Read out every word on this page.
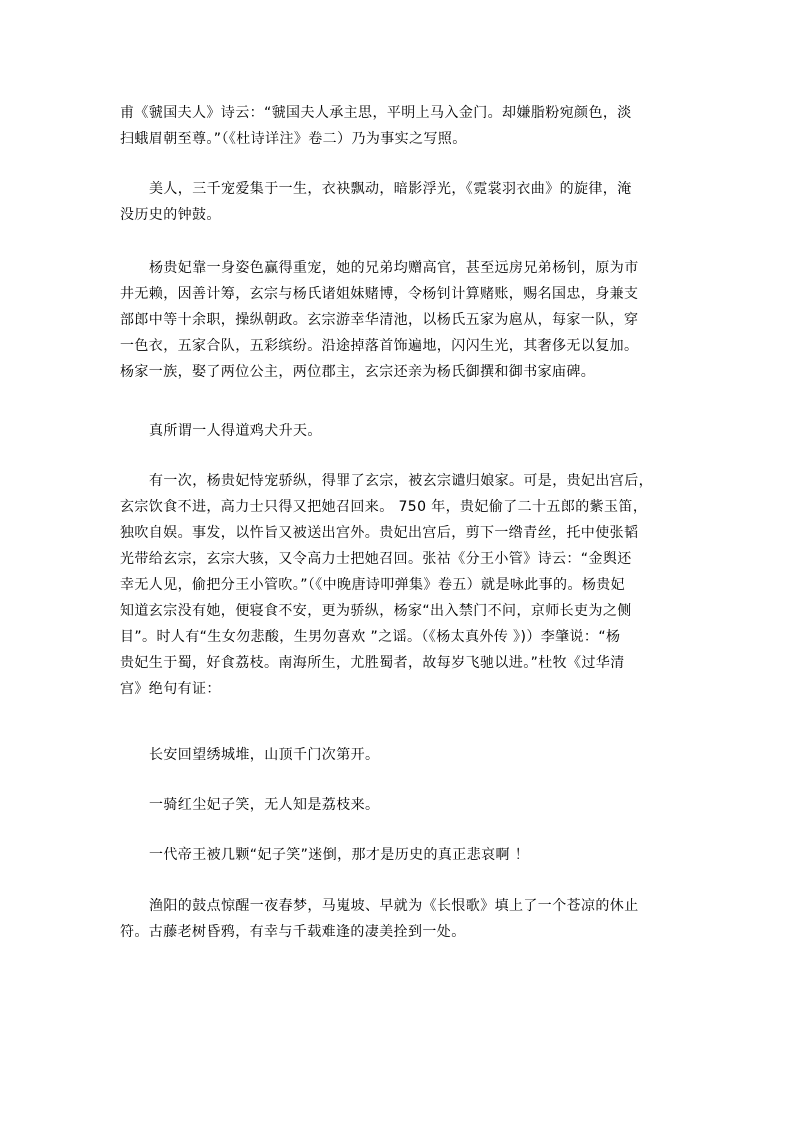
甫《虢国夫人》诗云：“虢国夫人承主思，平明上马入金门。却嫌脂粉宛颜色，淡
扫蛾眉朝至尊。”（《杜诗详注》卷二）乃为事实之写照。

美人，三千宠爱集于一生，衣袂飘动，暗影浮光，《霓裳羽衣曲》的旋律，淹
没历史的钟鼓。

杨贵妃靠一身姿色赢得重宠，她的兄弟均赠高官，甚至远房兄弟杨钊，原为市
井无赖，因善计筹，玄宗与杨氏诸姐妹赌博，令杨钊计算赌账，赐名国忠，身兼支
部郎中等十余职，操纵朝政。玄宗游幸华清池，以杨氏五家为扈从，每家一队，穿
一色衣，五家合队，五彩缤纷。沿途掉落首饰遍地，闪闪生光，其奢侈无以复加。
杨家一族，娶了两位公主，两位郡主，玄宗还亲为杨氏御撰和御书家庙碑。

真所谓一人得道鸡犬升天。

有一次，杨贵妃恃宠骄纵，得罪了玄宗，被玄宗谴归娘家。可是，贵妃出宫后，
玄宗饮食不进，高力士只得又把她召回来。 750 年，贵妃偷了二十五郎的紫玉笛，
独吹自娱。事发，以忤旨又被送出宫外。贵妃出宫后，剪下一绺青丝，托中使张韬
光带给玄宗，玄宗大骇，又令高力士把她召回。张祜《分王小管》诗云：“金舆还
幸无人见，偷把分王小管吹。”（《中晚唐诗叩弹集》卷五）就是咏此事的。杨贵妃
知道玄宗没有她，便寝食不安，更为骄纵，杨家“出入禁门不问，京师长吏为之侧
目”。时人有“生女勿悲酸，生男勿喜欢 ”之谣。（《杨太真外传 》)）李肇说：“杨
贵妃生于蜀，好食荔枝。南海所生，尤胜蜀者，故每岁飞驰以进。”杜牧《过华清
宫》绝句有证：

长安回望绣城堆，山顶千门次第开。

一骑红尘妃子笑，无人知是荔枝来。

一代帝王被几颗“妃子笑”迷倒，那才是历史的真正悲哀啊 ！

渔阳的鼓点惊醒一夜春梦，马嵬坡、早就为《长恨歌》填上了一个苍凉的休止
符。古藤老树昏鸦，有幸与千载难逢的凄美拴到一处。
